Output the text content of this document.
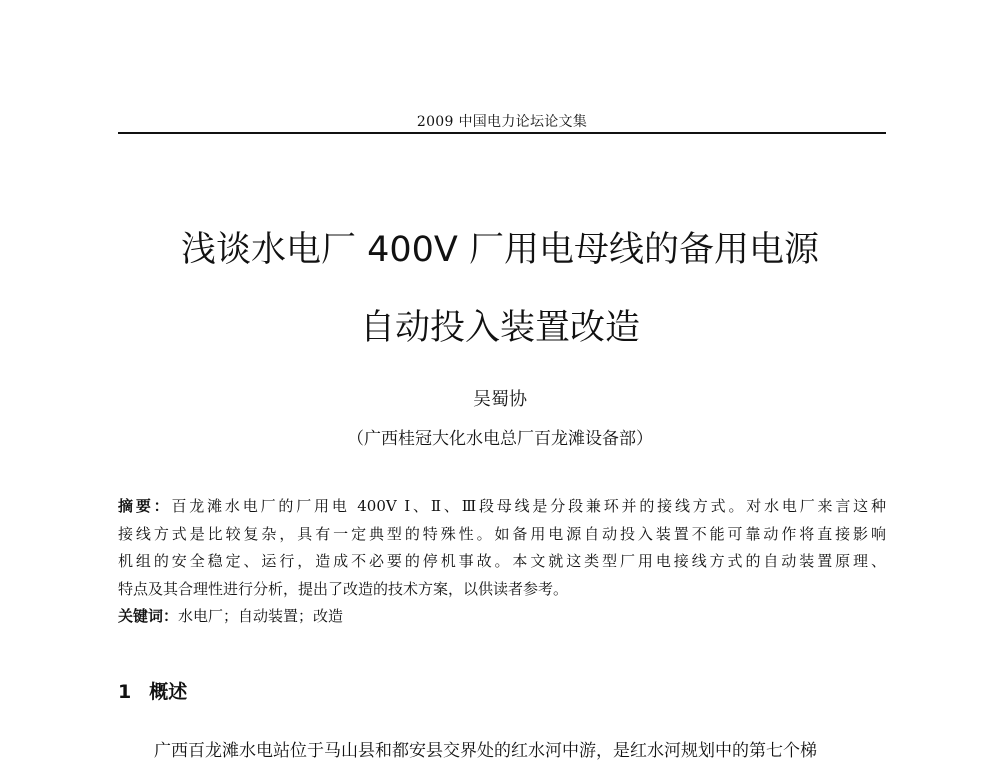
2009 中国电力论坛论文集
浅谈水电厂 400V 厂用电母线的备用电源
自动投入装置改造
吴蜀协
（广西桂冠大化水电总厂百龙滩设备部）
摘要：百龙滩水电厂的厂用电 400V Ⅰ、Ⅱ、Ⅲ段母线是分段兼环并的接线方式。对水电厂来言这种
接线方式是比较复杂，具有一定典型的特殊性。如备用电源自动投入装置不能可靠动作将直接影响
机组的安全稳定、运行，造成不必要的停机事故。本文就这类型厂用电接线方式的自动装置原理、
特点及其合理性进行分析，提出了改造的技术方案，以供读者参考。
关键词：水电厂；自动装置；改造
1 概述
广西百龙滩水电站位于马山县和都安县交界处的红水河中游，是红水河规划中的第七个梯
